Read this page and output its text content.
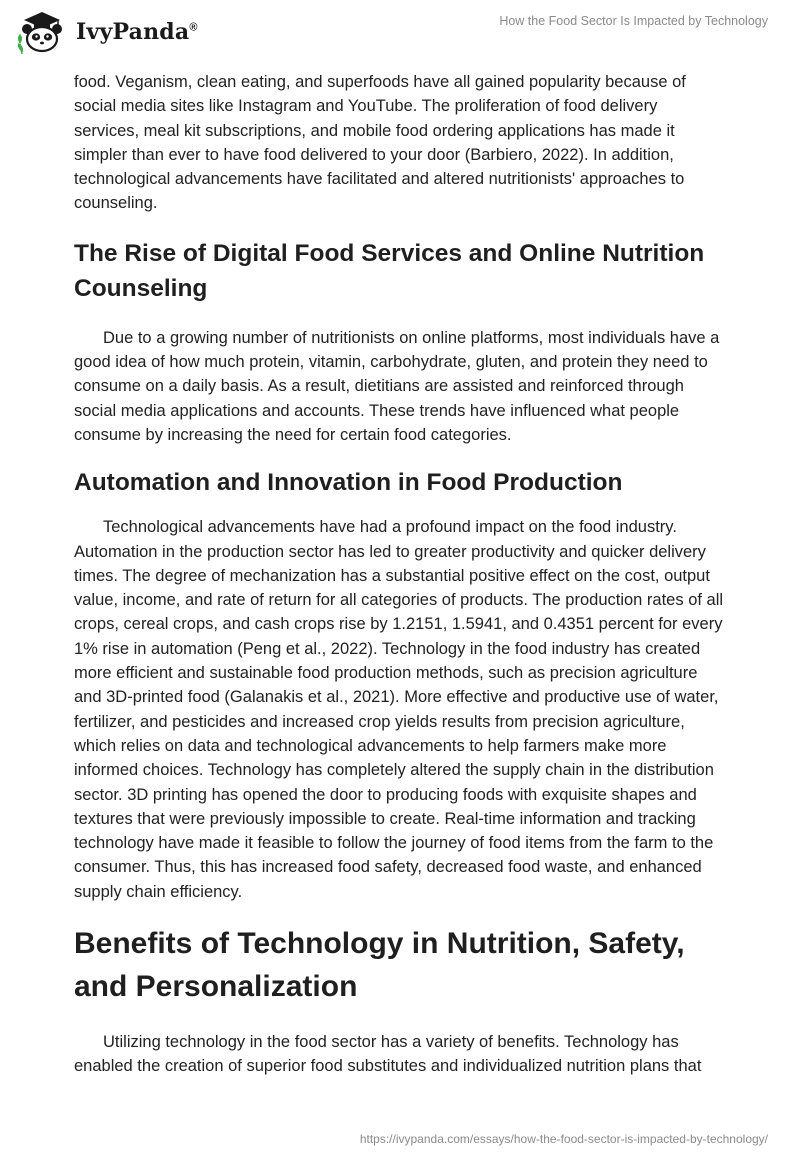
IvyPanda®	How the Food Sector Is Impacted by Technology

food. Veganism, clean eating, and superfoods have all gained popularity because of social media sites like Instagram and YouTube. The proliferation of food delivery services, meal kit subscriptions, and mobile food ordering applications has made it simpler than ever to have food delivered to your door (Barbiero, 2022). In addition, technological advancements have facilitated and altered nutritionists' approaches to counseling.

The Rise of Digital Food Services and Online Nutrition Counseling

Due to a growing number of nutritionists on online platforms, most individuals have a good idea of how much protein, vitamin, carbohydrate, gluten, and protein they need to consume on a daily basis. As a result, dietitians are assisted and reinforced through social media applications and accounts. These trends have influenced what people consume by increasing the need for certain food categories.

Automation and Innovation in Food Production

Technological advancements have had a profound impact on the food industry. Automation in the production sector has led to greater productivity and quicker delivery times. The degree of mechanization has a substantial positive effect on the cost, output value, income, and rate of return for all categories of products. The production rates of all crops, cereal crops, and cash crops rise by 1.2151, 1.5941, and 0.4351 percent for every 1% rise in automation (Peng et al., 2022). Technology in the food industry has created more efficient and sustainable food production methods, such as precision agriculture and 3D-printed food (Galanakis et al., 2021). More effective and productive use of water, fertilizer, and pesticides and increased crop yields results from precision agriculture, which relies on data and technological advancements to help farmers make more informed choices. Technology has completely altered the supply chain in the distribution sector. 3D printing has opened the door to producing foods with exquisite shapes and textures that were previously impossible to create. Real-time information and tracking technology have made it feasible to follow the journey of food items from the farm to the consumer. Thus, this has increased food safety, decreased food waste, and enhanced supply chain efficiency.

Benefits of Technology in Nutrition, Safety, and Personalization

Utilizing technology in the food sector has a variety of benefits. Technology has enabled the creation of superior food substitutes and individualized nutrition plans that

https://ivypanda.com/essays/how-the-food-sector-is-impacted-by-technology/
